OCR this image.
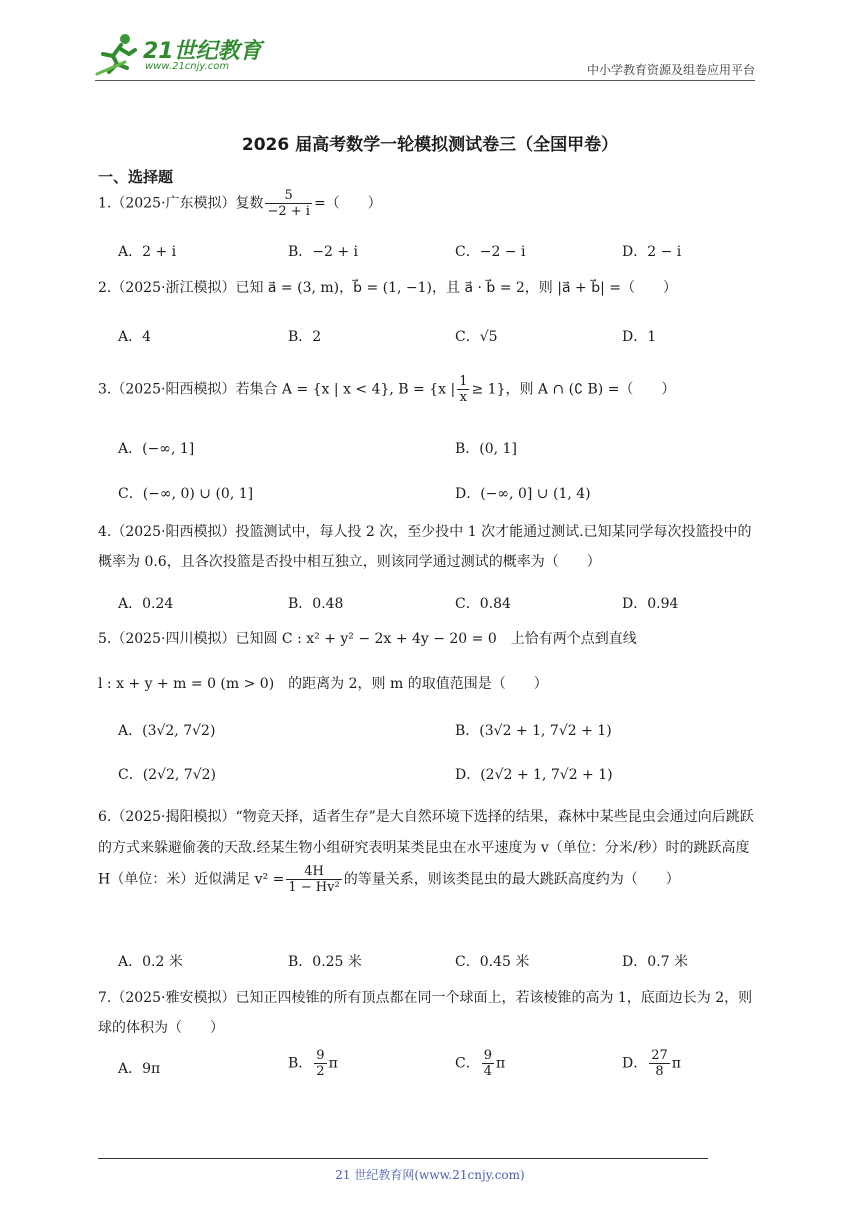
21世纪教育
www.21cnjy.com	中小学教育资源及组卷应用平台
2026 届高考数学一轮模拟测试卷三（全国甲卷）
一、选择题
1.（2025·广东模拟）复数 $\frac{5}{-2 + i}$ =（　　）
A．2 + i	B．−2 + i	C．−2 − i	D．2 − i
2.（2025·浙江模拟）已知 a⃗ = (3, m)，b⃗ = (1, −1)，且 a⃗ · b⃗ = 2，则 |a⃗ + b⃗| =（　　）
A．4	B．2	C．√5	D．1
3.（2025·阳西模拟）若集合 A = {x | x < 4}, B = {x | $\frac{1}{x} \ge 1$}，则 A ∩ (∁ B) =（　　）
A．(−∞, 1]	B．(0, 1]
C．(−∞, 0) ∪ (0, 1]	D．(−∞, 0] ∪ (1, 4)
4.（2025·阳西模拟）投篮测试中，每人投 2 次，至少投中 1 次才能通过测试.已知某同学每次投篮投中的概率为 0.6，且各次投篮是否投中相互独立，则该同学通过测试的概率为（　　）
A．0.24	B．0.48	C．0.84	D．0.94
5.（2025·四川模拟）已知圆 C : x² + y² − 2x + 4y − 20 = 0　上恰有两个点到直线
l : x + y + m = 0 (m > 0)　的距离为 2，则 m 的取值范围是（　　）
A．(3√2, 7√2)	B．(3√2 + 1, 7√2 + 1)
C．(2√2, 7√2)	D．(2√2 + 1, 7√2 + 1)
6.（2025·揭阳模拟）“物竞天择，适者生存”是大自然环境下选择的结果，森林中某些昆虫会通过向后跳跃的方式来躲避偷袭的天敌.经某生物小组研究表明某类昆虫在水平速度为 v（单位：分米/秒）时的跳跃高度 H（单位：米）近似满足 $v^2 = \frac{4H}{\text{1 − Hv²}}$ 的等量关系，则该类昆虫的最大跳跃高度约为（　　）
A．0.2 米	B．0.25 米	C．0.45 米	D．0.7 米
7.（2025·雅安模拟）已知正四棱锥的所有顶点都在同一个球面上，若该棱锥的高为 1，底面边长为 2，则球的体积为（　　）
A．9π	B． $\frac{9}{2}$ π	C． $\frac{9}{4}$ π	D． $\frac{27}{8}$ π
21 世纪教育网(www.21cnjy.com)
